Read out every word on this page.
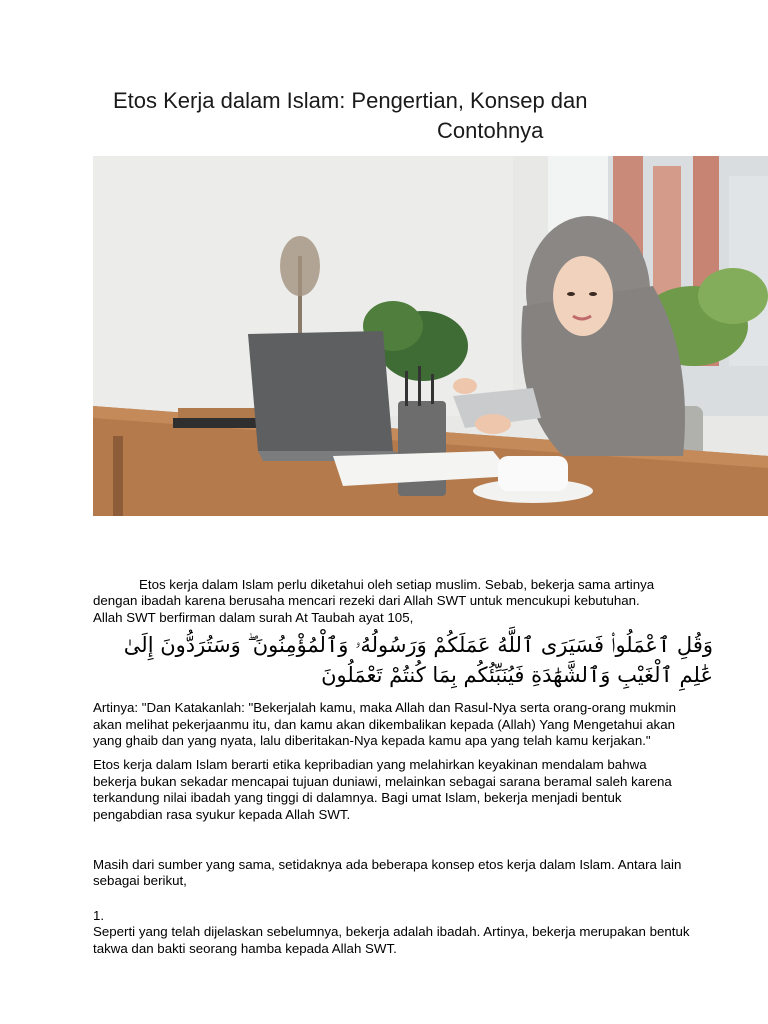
Etos Kerja dalam Islam: Pengertian, Konsep dan
Contohnya

Etos kerja dalam Islam perlu diketahui oleh setiap muslim. Sebab, bekerja sama artinya dengan ibadah karena berusaha mencari rezeki dari Allah SWT untuk mencukupi kebutuhan.

Allah SWT berfirman dalam surah At Taubah ayat 105,

وَقُلِ ٱعْمَلُوا۟ فَسَيَرَى ٱللَّهُ عَمَلَكُمْ وَرَسُولُهُۥ وَٱلْمُؤْمِنُونَ ۖ وَسَتُرَدُّونَ إِلَىٰ عَٰلِمِ ٱلْغَيْبِ وَٱلشَّهَٰدَةِ فَيُنَبِّئُكُم بِمَا كُنتُمْ تَعْمَلُونَ

Artinya: "Dan Katakanlah: "Bekerjalah kamu, maka Allah dan Rasul-Nya serta orang-orang mukmin akan melihat pekerjaanmu itu, dan kamu akan dikembalikan kepada (Allah) Yang Mengetahui akan yang ghaib dan yang nyata, lalu diberitakan-Nya kepada kamu apa yang telah kamu kerjakan."

Etos kerja dalam Islam berarti etika kepribadian yang melahirkan keyakinan mendalam bahwa bekerja bukan sekadar mencapai tujuan duniawi, melainkan sebagai sarana beramal saleh karena terkandung nilai ibadah yang tinggi di dalamnya. Bagi umat Islam, bekerja menjadi bentuk pengabdian rasa syukur kepada Allah SWT.

Masih dari sumber yang sama, setidaknya ada beberapa konsep etos kerja dalam Islam. Antara lain sebagai berikut,

1.

Seperti yang telah dijelaskan sebelumnya, bekerja adalah ibadah. Artinya, bekerja merupakan bentuk takwa dan bakti seorang hamba kepada Allah SWT.
